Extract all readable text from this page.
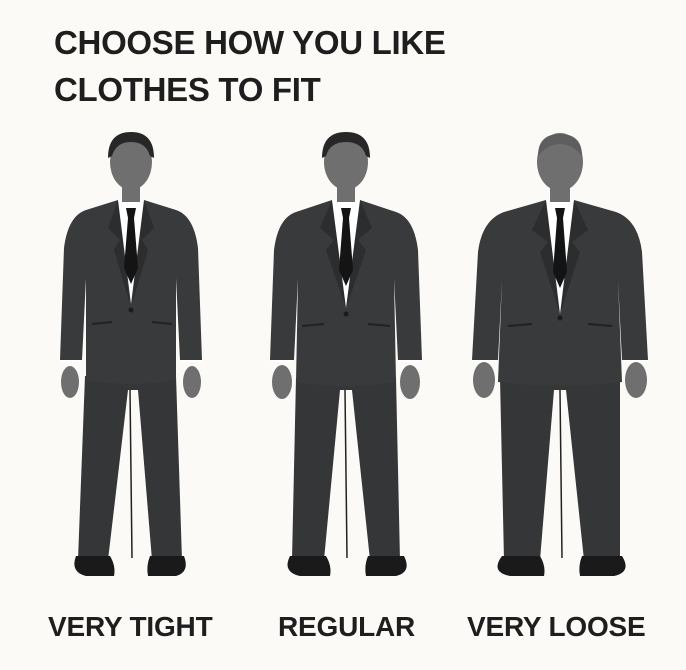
CHOOSE HOW YOU LIKE
CLOTHES TO FIT
VERY TIGHT REGULAR VERY LOOSE
